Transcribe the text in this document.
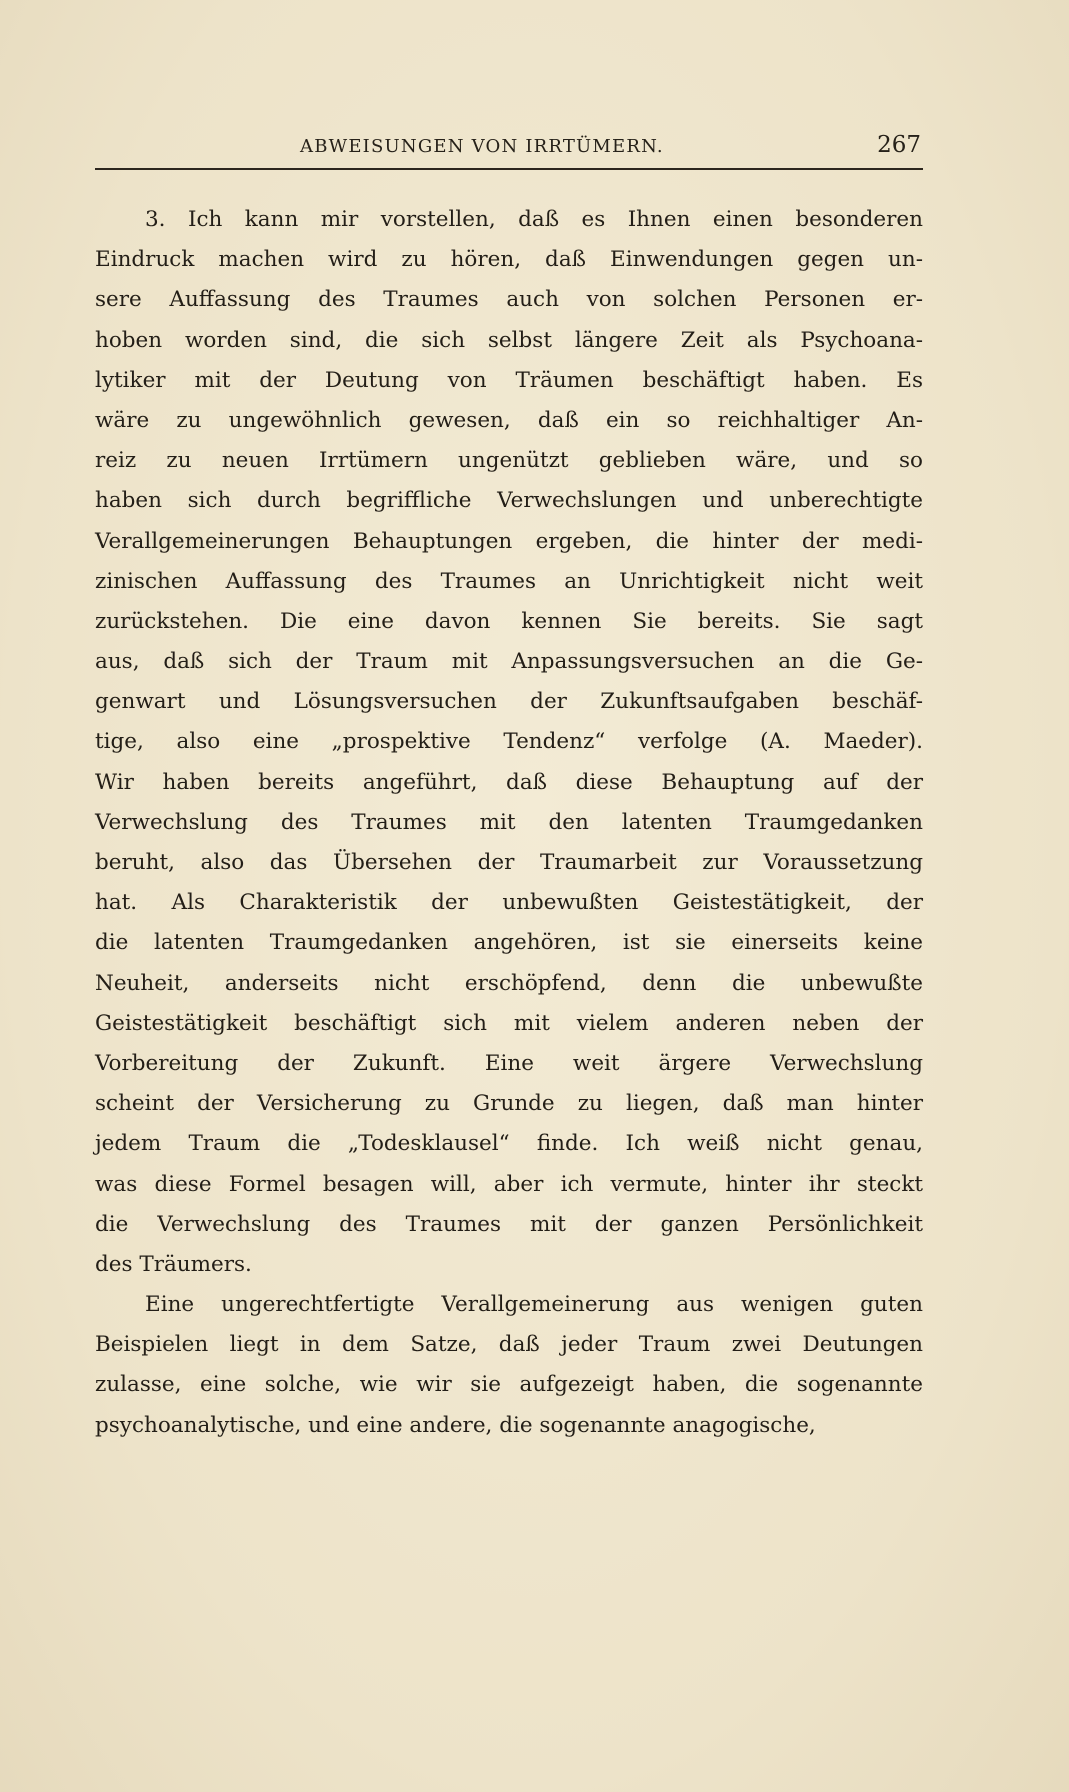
ABWEISUNGEN VON IRRTÜMERN.	267

3. Ich kann mir vorstellen, daß es Ihnen einen besonderen
Eindruck machen wird zu hören, daß Einwendungen gegen un-
sere Auffassung des Traumes auch von solchen Personen er-
hoben worden sind, die sich selbst längere Zeit als Psychoana-
lytiker mit der Deutung von Träumen beschäftigt haben. Es
wäre zu ungewöhnlich gewesen, daß ein so reichhaltiger An-
reiz zu neuen Irrtümern ungenützt geblieben wäre, und so
haben sich durch begriffliche Verwechslungen und unberechtigte
Verallgemeinerungen Behauptungen ergeben, die hinter der medi-
zinischen Auffassung des Traumes an Unrichtigkeit nicht weit
zurückstehen. Die eine davon kennen Sie bereits. Sie sagt
aus, daß sich der Traum mit Anpassungsversuchen an die Ge-
genwart und Lösungsversuchen der Zukunftsaufgaben beschäf-
tige, also eine „prospektive Tendenz“ verfolge (A. Maeder).
Wir haben bereits angeführt, daß diese Behauptung auf der
Verwechslung des Traumes mit den latenten Traumgedanken
beruht, also das Übersehen der Traumarbeit zur Voraussetzung
hat. Als Charakteristik der unbewußten Geistestätigkeit, der
die latenten Traumgedanken angehören, ist sie einerseits keine
Neuheit, anderseits nicht erschöpfend, denn die unbewußte
Geistestätigkeit beschäftigt sich mit vielem anderen neben der
Vorbereitung der Zukunft. Eine weit ärgere Verwechslung
scheint der Versicherung zu Grunde zu liegen, daß man hinter
jedem Traum die „Todesklausel“ finde. Ich weiß nicht genau,
was diese Formel besagen will, aber ich vermute, hinter ihr steckt
die Verwechslung des Traumes mit der ganzen Persönlichkeit
des Träumers.

Eine ungerechtfertigte Verallgemeinerung aus wenigen guten
Beispielen liegt in dem Satze, daß jeder Traum zwei Deutungen
zulasse, eine solche, wie wir sie aufgezeigt haben, die sogenannte
psychoanalytische, und eine andere, die sogenannte anagogische,
